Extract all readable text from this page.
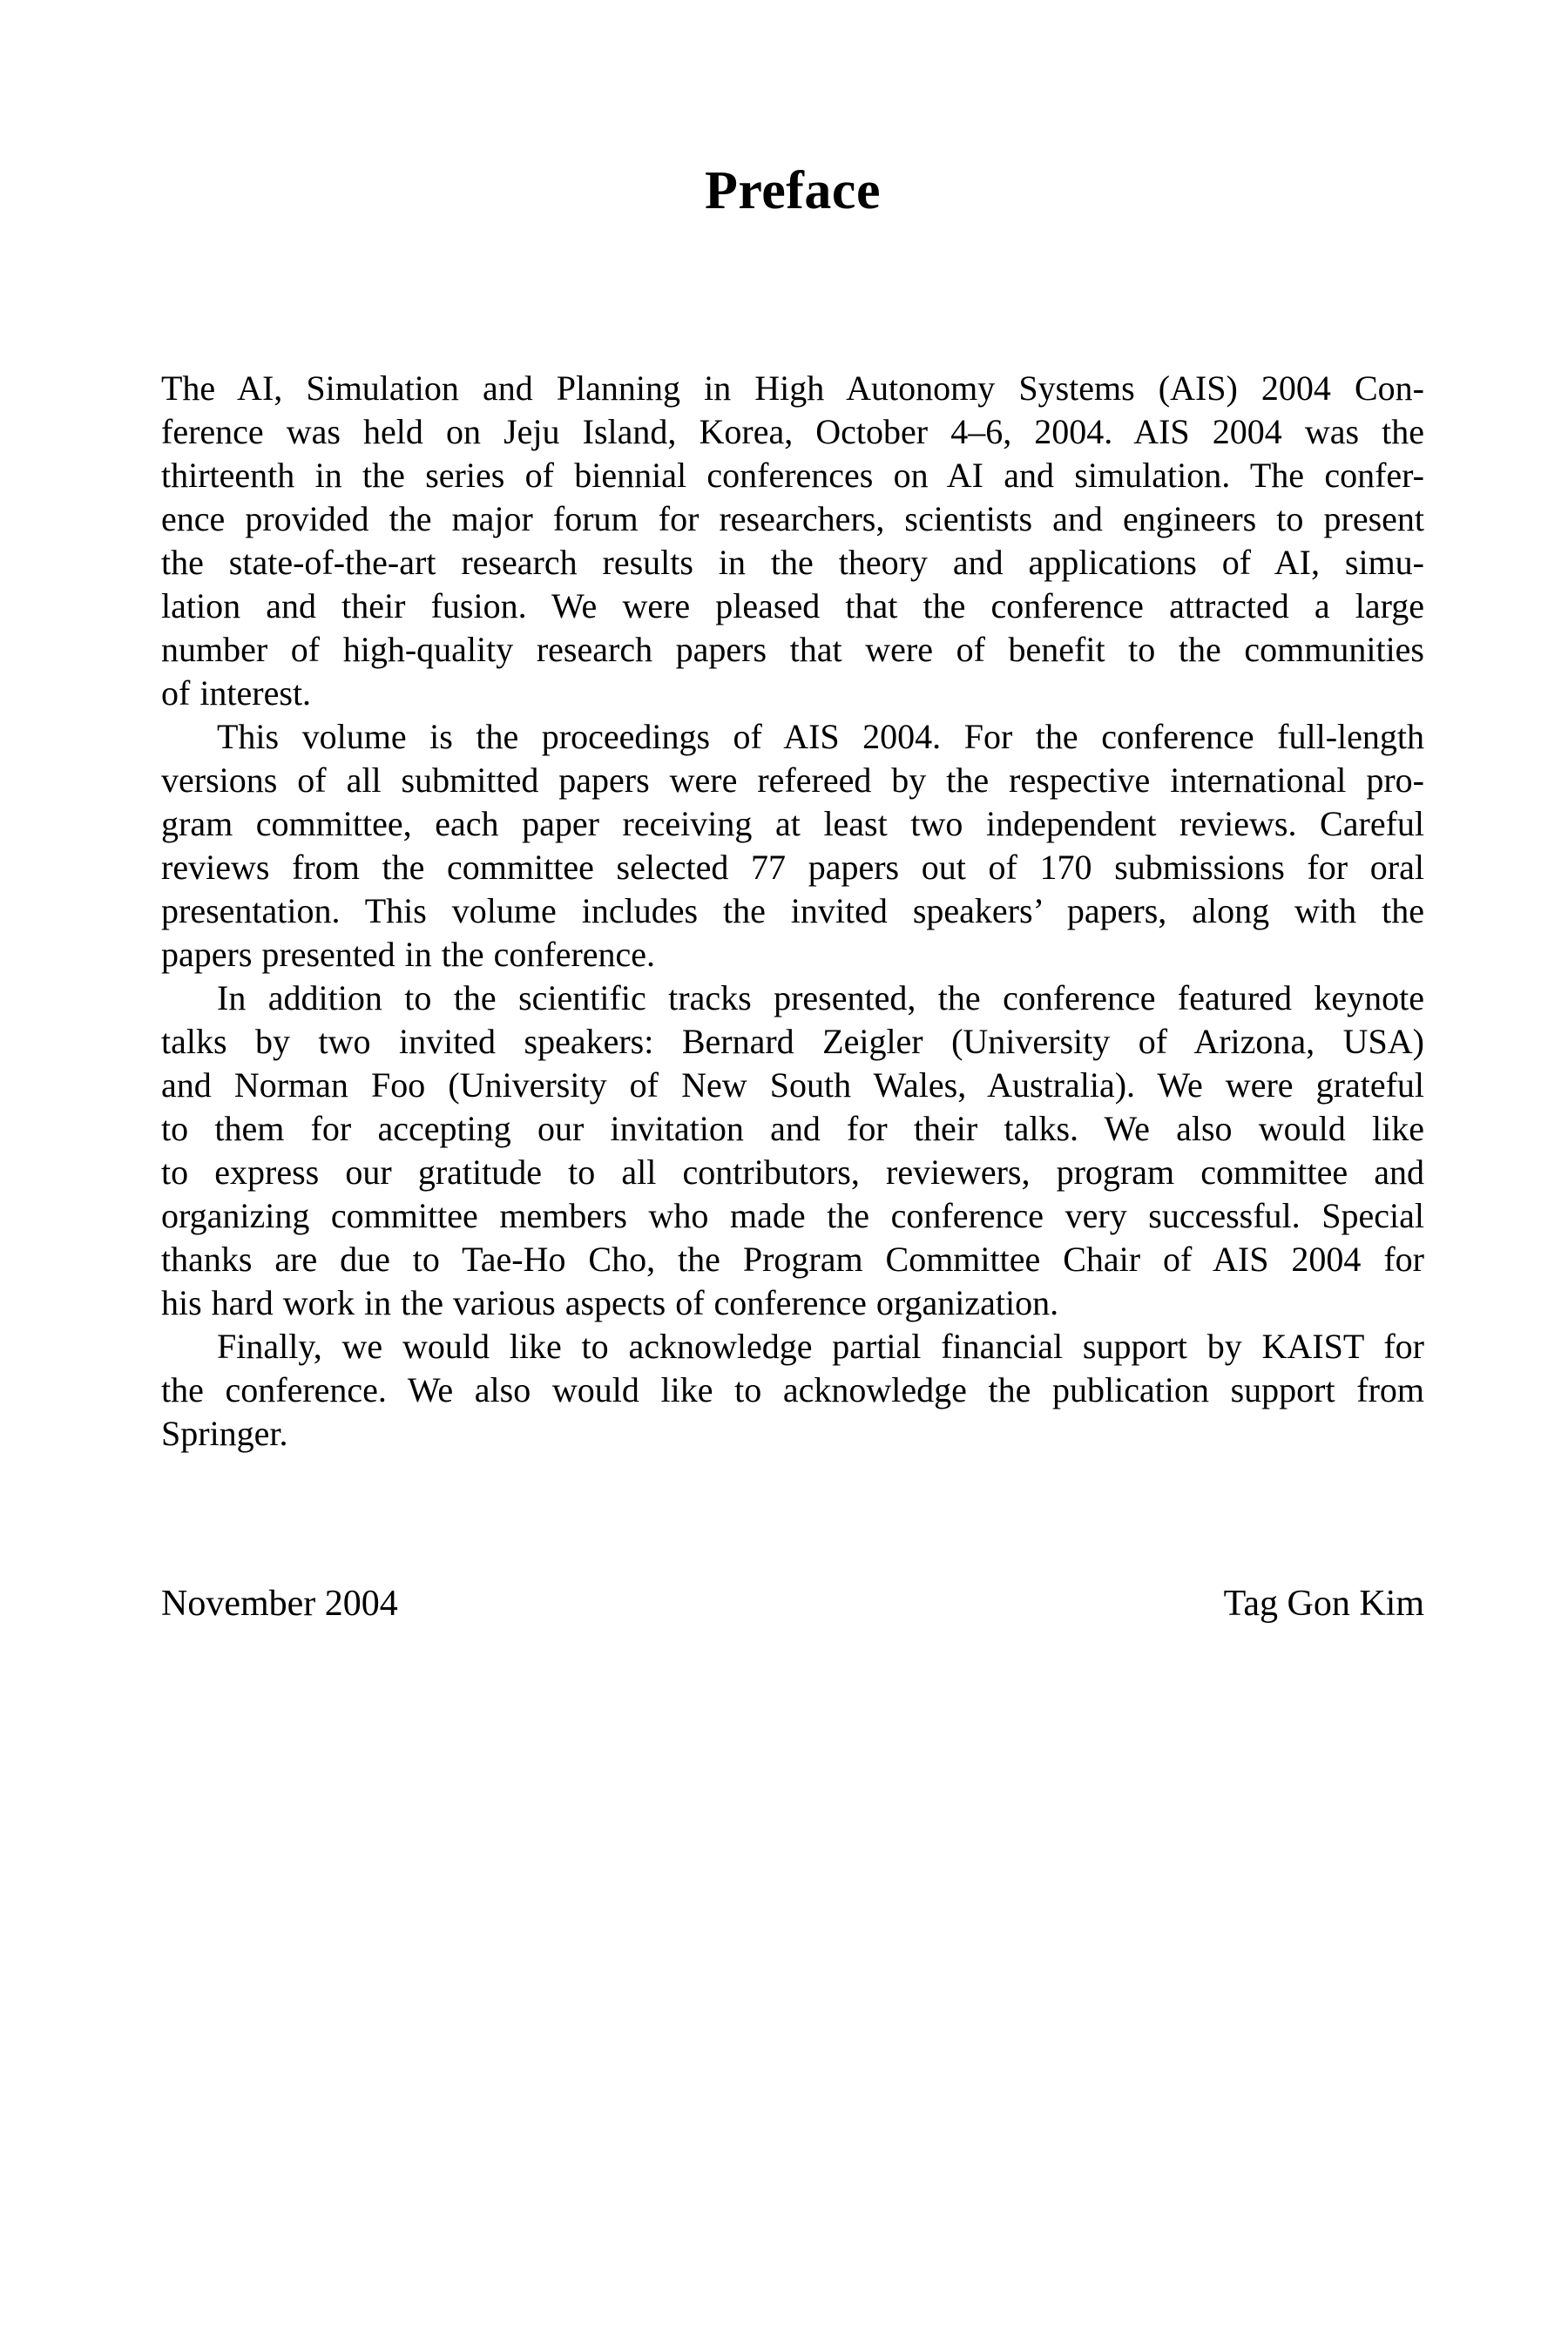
Preface
The AI, Simulation and Planning in High Autonomy Systems (AIS) 2004 Con-
ference was held on Jeju Island, Korea, October 4–6, 2004. AIS 2004 was the
thirteenth in the series of biennial conferences on AI and simulation. The confer-
ence provided the major forum for researchers, scientists and engineers to present
the state-of-the-art research results in the theory and applications of AI, simu-
lation and their fusion. We were pleased that the conference attracted a large
number of high-quality research papers that were of benefit to the communities
of interest.
This volume is the proceedings of AIS 2004. For the conference full-length
versions of all submitted papers were refereed by the respective international pro-
gram committee, each paper receiving at least two independent reviews. Careful
reviews from the committee selected 77 papers out of 170 submissions for oral
presentation. This volume includes the invited speakers’ papers, along with the
papers presented in the conference.
In addition to the scientific tracks presented, the conference featured keynote
talks by two invited speakers: Bernard Zeigler (University of Arizona, USA)
and Norman Foo (University of New South Wales, Australia). We were grateful
to them for accepting our invitation and for their talks. We also would like
to express our gratitude to all contributors, reviewers, program committee and
organizing committee members who made the conference very successful. Special
thanks are due to Tae-Ho Cho, the Program Committee Chair of AIS 2004 for
his hard work in the various aspects of conference organization.
Finally, we would like to acknowledge partial financial support by KAIST for
the conference. We also would like to acknowledge the publication support from
Springer.
November 2004	Tag Gon Kim
